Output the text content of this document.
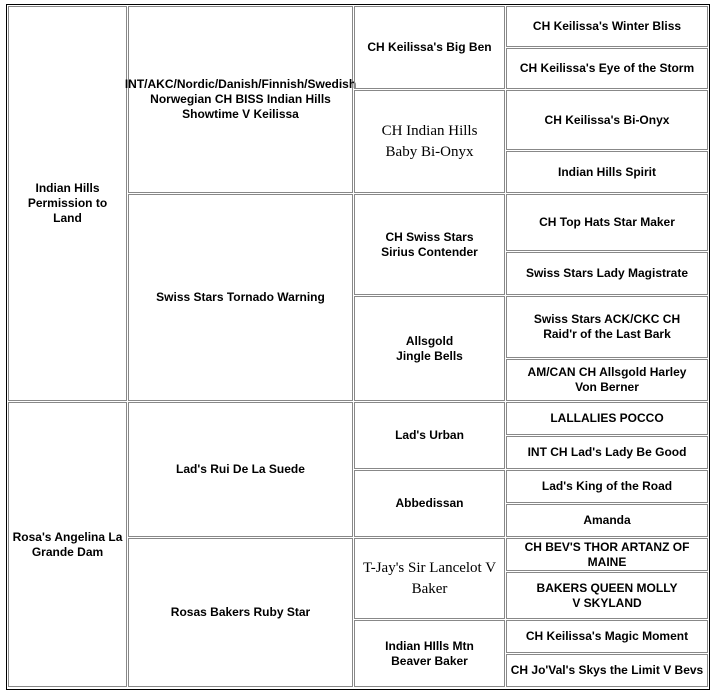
Indian Hills Permission to Land
Rosa's Angelina La Grande Dam
INT/AKC/Nordic/Danish/Finnish/Swedish Norwegian CH BISS Indian Hills Showtime V Keilissa
Swiss Stars Tornado Warning
Lad's Rui De La Suede
Rosas Bakers Ruby Star
CH Keilissa's Big Ben
CH Indian Hills Baby Bi-Onyx
CH Swiss Stars Sirius Contender
Allsgold Jingle Bells
Lad's Urban
Abbedissan
T-Jay's Sir Lancelot V Baker
Indian HIlls Mtn Beaver Baker
CH Keilissa's Winter Bliss
CH Keilissa's Eye of the Storm
CH Keilissa's Bi-Onyx
Indian Hills Spirit
CH Top Hats Star Maker
Swiss Stars Lady Magistrate
Swiss Stars ACK/CKC CH Raid'r of the Last Bark
AM/CAN CH Allsgold Harley Von Berner
LALLALIES POCCO
INT CH Lad's Lady Be Good
Lad's King of the Road
Amanda
CH BEV'S THOR ARTANZ OF MAINE
BAKERS QUEEN MOLLY V SKYLAND
CH Keilissa's Magic Moment
CH Jo'Val's Skys the Limit V Bevs
